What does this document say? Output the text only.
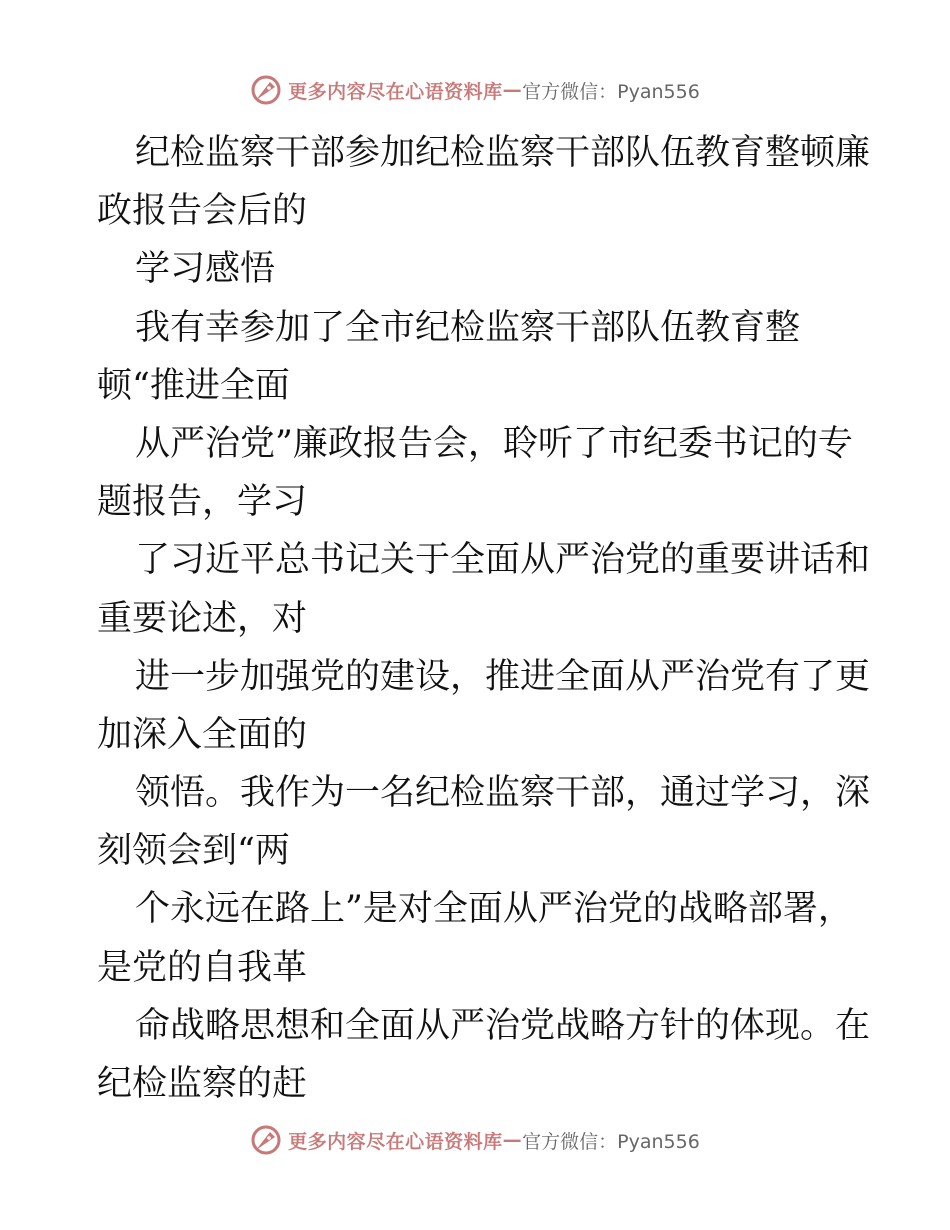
更多内容尽在心语资料库 — 官方微信：Pyan556
纪检监察干部参加纪检监察干部队伍教育整顿廉
政报告会后的
学习感悟
我有幸参加了全市纪检监察干部队伍教育整
顿“推进全面
从严治党”廉政报告会，聆听了市纪委书记的专
题报告，学习
了习近平总书记关于全面从严治党的重要讲话和
重要论述，对
进一步加强党的建设，推进全面从严治党有了更
加深入全面的
领悟。我作为一名纪检监察干部，通过学习，深
刻领会到“两
个永远在路上”是对全面从严治党的战略部署，
是党的自我革
命战略思想和全面从严治党战略方针的体现。在
纪检监察的赶
更多内容尽在心语资料库 — 官方微信：Pyan556
